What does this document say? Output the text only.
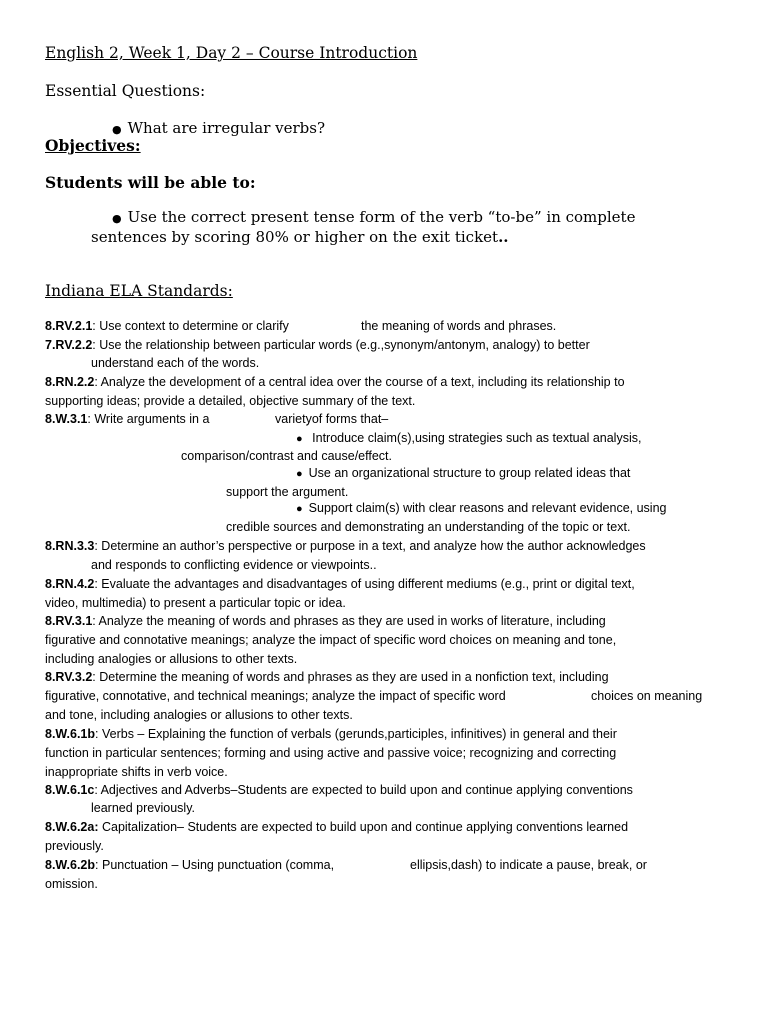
English 2, Week 1, Day 2 – Course Introduction
Essential Questions:
● What are irregular verbs?
Objectives:
Students will be able to:
● Use the correct present tense form of the verb “to-be” in complete
sentences by scoring 80% or higher on the exit ticket..
Indiana ELA Standards:
8.RV.2.1: Use context to determine or clarify	the meaning of words and phrases.
7.RV.2.2: Use the relationship between particular words (e.g.,synonym/antonym, analogy) to better
understand each of the words.
8.RN.2.2: Analyze the development of a central idea over the course of a text, including its relationship to
supporting ideas; provide a detailed, objective summary of the text.
8.W.3.1: Write arguments in a	varietyof forms that–
● Introduce claim(s),using strategies such as textual analysis,
comparison/contrast and cause/effect.
● Use an organizational structure to group related ideas that
support the argument.
● Support claim(s) with clear reasons and relevant evidence, using
credible sources and demonstrating an understanding of the topic or text.
8.RN.3.3: Determine an author’s perspective or purpose in a text, and analyze how the author acknowledges
and responds to conflicting evidence or viewpoints..
8.RN.4.2: Evaluate the advantages and disadvantages of using different mediums (e.g., print or digital text,
video, multimedia) to present a particular topic or idea.
8.RV.3.1: Analyze the meaning of words and phrases as they are used in works of literature, including
figurative and connotative meanings; analyze the impact of specific word choices on meaning and tone,
including analogies or allusions to other texts.
8.RV.3.2: Determine the meaning of words and phrases as they are used in a nonfiction text, including
figurative, connotative, and technical meanings; analyze the impact of specific word	choices on meaning
and tone, including analogies or allusions to other texts.
8.W.6.1b: Verbs – Explaining the function of verbals (gerunds,participles, infinitives) in general and their
function in particular sentences; forming and using active and passive voice; recognizing and correcting
inappropriate shifts in verb voice.
8.W.6.1c: Adjectives and Adverbs–Students are expected to build upon and continue applying conventions
learned previously.
8.W.6.2a: Capitalization– Students are expected to build upon and continue applying conventions learned
previously.
8.W.6.2b: Punctuation – Using punctuation (comma,	ellipsis,dash) to indicate a pause, break, or
omission.
